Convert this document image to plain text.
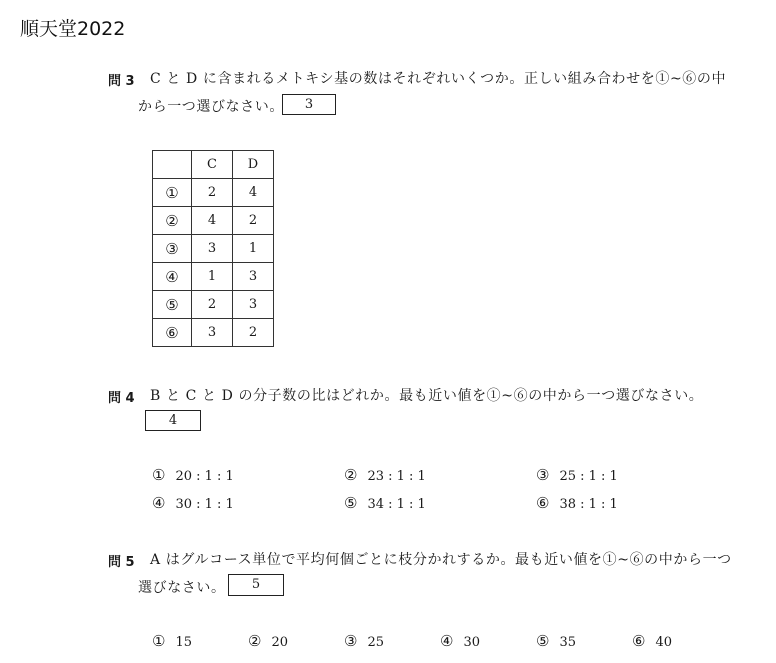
順天堂2022
問 3 C と D に含まれるメトキシ基の数はそれぞれいくつか。正しい組み合わせを①~⑥の中
から一つ選びなさい。	3
	C	D
①	2	4
②	4	2
③	3	1
④	1	3
⑤	2	3
⑥	3	2
問 4 B と C と D の分子数の比はどれか。最も近い値を①~⑥の中から一つ選びなさい。
4
① 20 : 1 : 1	② 23 : 1 : 1	③ 25 : 1 : 1
④ 30 : 1 : 1	⑤ 34 : 1 : 1	⑥ 38 : 1 : 1
問 5 A はグルコース単位で平均何個ごとに枝分かれするか。最も近い値を①~⑥の中から一つ
選びなさい。	5
① 15	② 20	③ 25	④ 30	⑤ 35	⑥ 40
